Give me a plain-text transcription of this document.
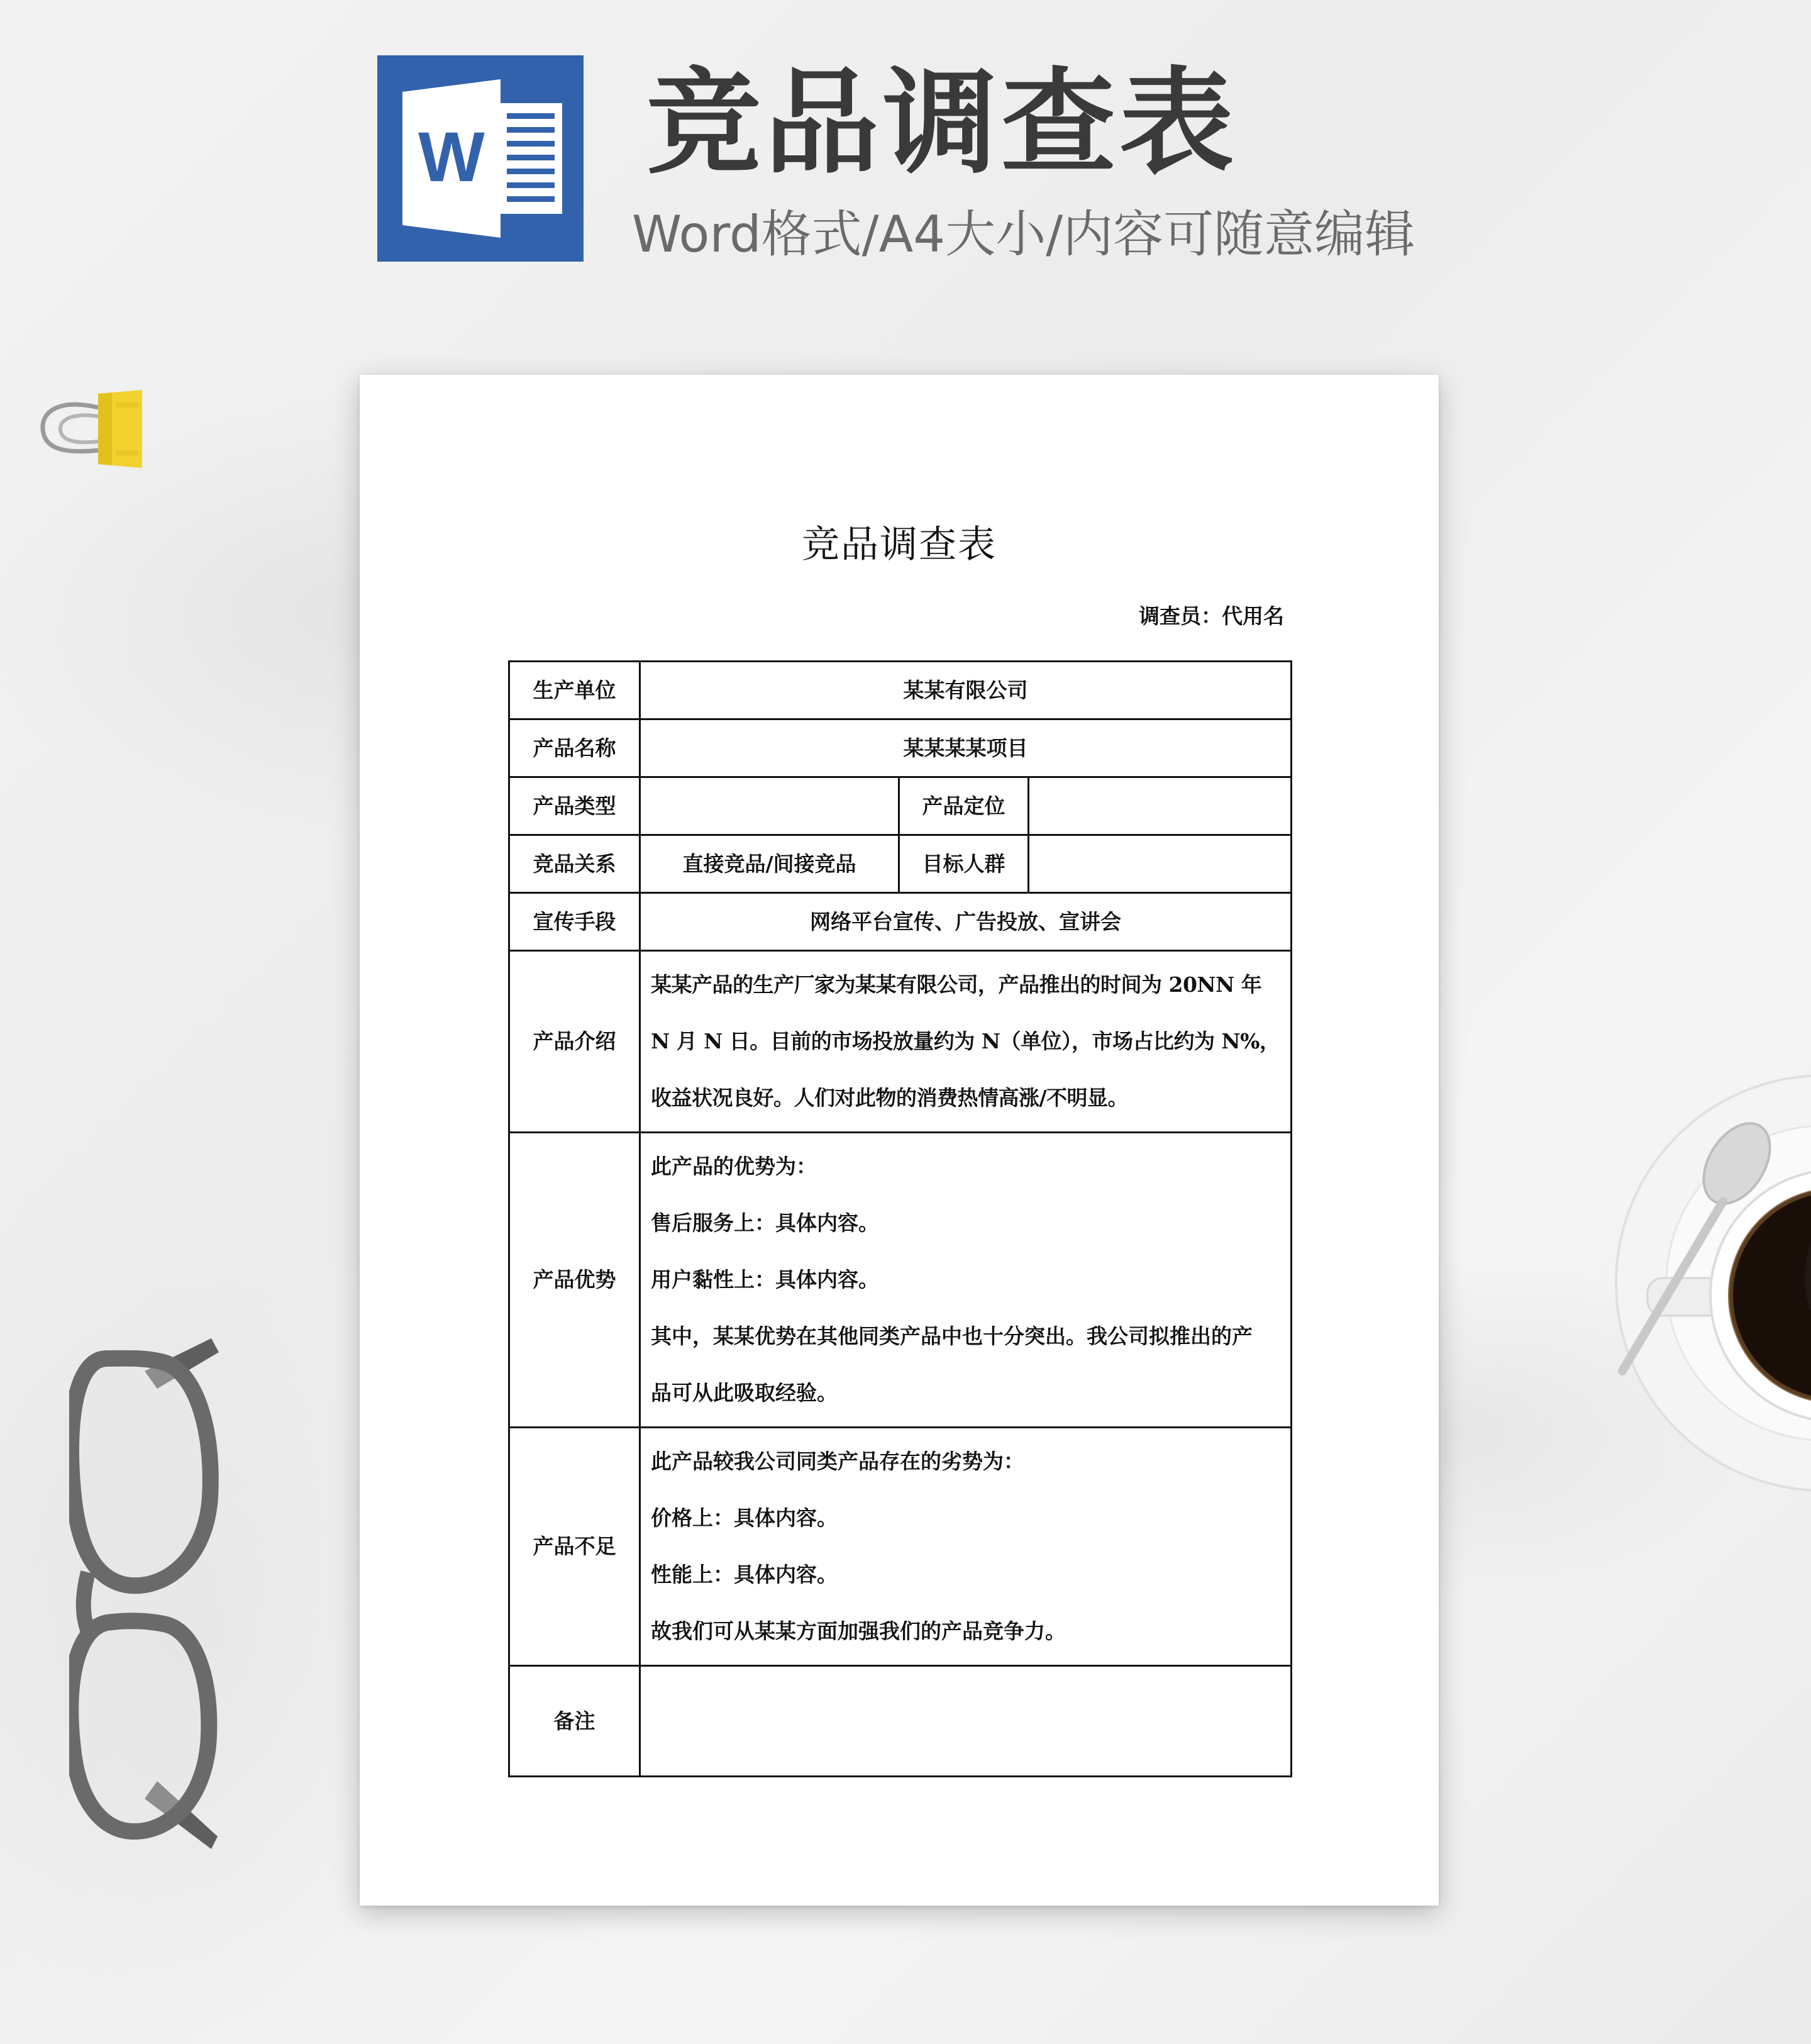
W 竞品调查表
Word格式/A4大小/内容可随意编辑
竞品调查表
调查员：代用名
生产单位	某某有限公司		
产品名称	某某某某项目		
产品类型		产品定位	
竞品关系	直接竞品/间接竞品	目标人群	
宣传手段	网络平台宣传、广告投放、宣讲会		
产品介绍	某某产品的生产厂家为某某有限公司，产品推出的时间为 20NN 年

N 月 N 日。目前的市场投放量约为 N（单位），市场占比约为 N%，

收益状况良好。人们对此物的消费热情高涨/不明显。		

产品优势	此产品的优势为：

售后服务上：具体内容。

用户黏性上：具体内容。

其中，某某优势在其他同类产品中也十分突出。我公司拟推出的产

品可从此吸取经验。		

产品不足	此产品较我公司同类产品存在的劣势为：

价格上：具体内容。

性能上：具体内容。

故我们可从某某方面加强我们的产品竞争力。		

备注			
